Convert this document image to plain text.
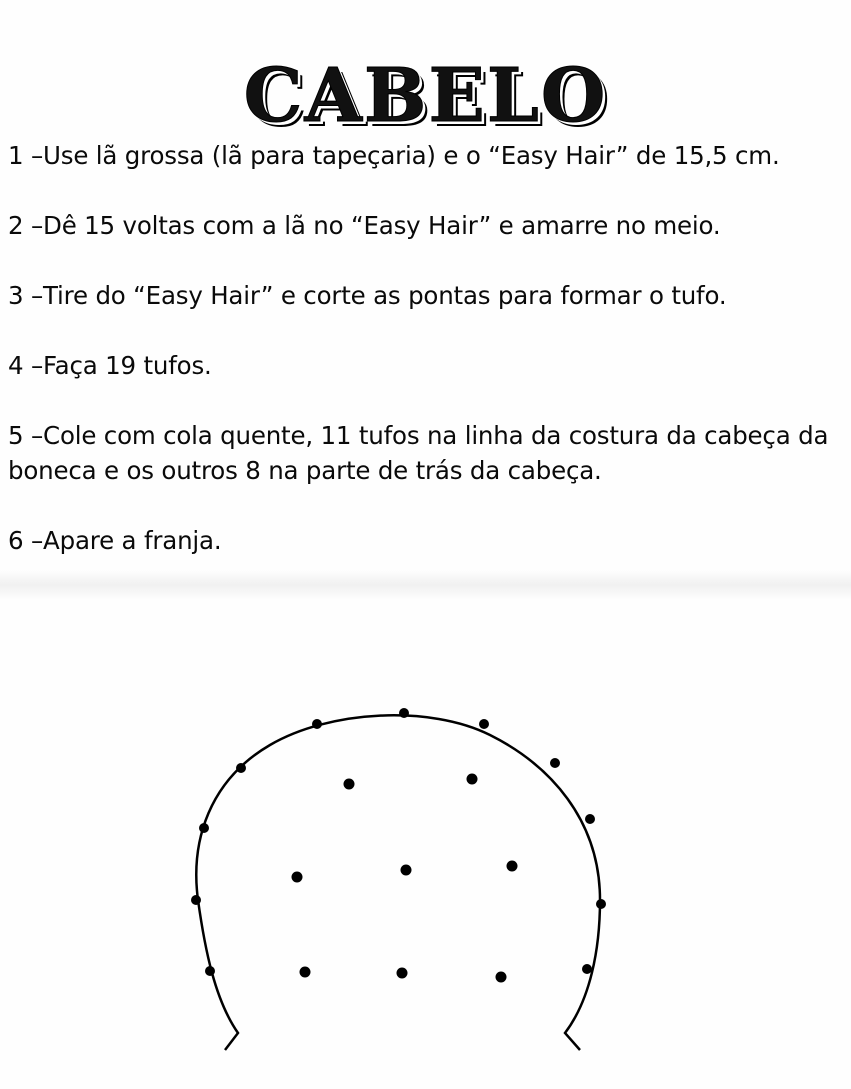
CABELO
1 – Use lã grossa (lã para tapeçaria) e o “Easy Hair” de 15,5 cm.
2 – Dê 15 voltas com a lã no “Easy Hair” e amarre no meio.
3 – Tire do “Easy Hair” e corte as pontas para formar o tufo.
4 – Faça 19 tufos.
5 – Cole com cola quente, 11 tufos na linha da costura da cabeça da boneca e os outros 8 na parte de trás da cabeça.
6 – Apare a franja.
